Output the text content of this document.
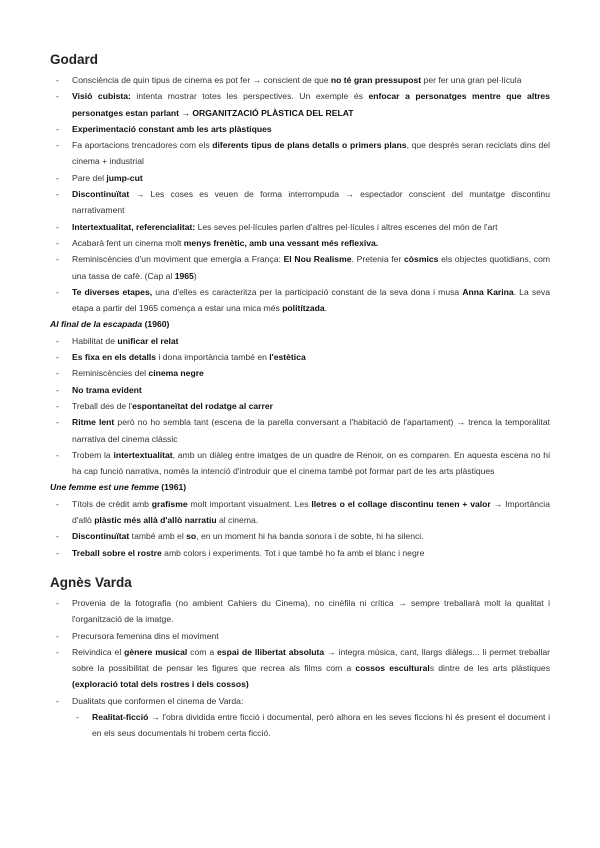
Godard
- Consciència de quin tipus de cinema es pot fer → conscient de que no té gran pressupost per fer una gran pel·lícula
- Visió cubista: intenta mostrar totes les perspectives. Un exemple és enfocar a personatges mentre que altres personatges estan parlant → ORGANITZACIÓ PLÀSTICA DEL RELAT
- Experimentació constant amb les arts plàstiques
- Fa aportacions trencadores com els diferents tipus de plans detalls o primers plans, que després seran reciclats dins del cinema + industrial
- Pare del jump-cut
- Discontinuïtat → Les coses es veuen de forma interrompuda → espectador conscient del muntatge discontinu narrativament
- Intertextualitat, referencialitat: Les seves pel·lícules parlen d'altres pel·lícules i altres escenes del món de l'art
- Acabarà fent un cinema molt menys frenètic, amb una vessant més reflexiva.
- Reminiscències d'un moviment que emergia a França: El Nou Realisme. Pretenia fer còsmics els objectes quotidians, com una tassa de cafè. (Cap al 1965)
- Te diverses etapes, una d'elles es caracteritza per la participació constant de la seva dona i musa Anna Karina. La seva etapa a partir del 1965 comença a estar una mica més politítzada.
Al final de la escapada (1960)
- Habilitat de unificar el relat
- Es fixa en els detalls i dona importància també en l'estètica
- Reminiscències del cinema negre
- No trama evident
- Treball des de l'espontaneïtat del rodatge al carrer
- Ritme lent però no ho sembla tant (escena de la parella conversant a l'habitació de l'apartament) → trenca la temporalitat narrativa del cinema clàssic
- Trobem la intertextualitat, amb un diàleg entre imatges de un quadre de Renoir, on es comparen. En aquesta escena no hi ha cap funció narrativa, només la intenció d'introduir que el cinema també pot formar part de les arts plàstiques
Une femme est une femme (1961)
- Títols de crèdit amb grafisme molt important visualment. Les lletres o el collage discontinu tenen + valor → Importància d'allò plàstic més allà d'allò narratiu al cinema.
- Discontinuïtat també amb el so, en un moment hi ha banda sonora i de sobte, hi ha silenci.
- Treball sobre el rostre amb colors i experiments. Tot i que també ho fa amb el blanc i negre
Agnès Varda
- Provenia de la fotografia (no ambient Cahiers du Cinema), no cinèfila ni crítica → sempre treballarà molt la qualitat i l'organització de la imatge.
- Precursora femenina dins el moviment
- Reivindica el gènere musical com a espai de llibertat absoluta → integra música, cant, llargs diàlegs... li permet treballar sobre la possibilitat de pensar les figures que recrea als films com a cossos esculturals dintre de les arts plàstiques (exploració total dels rostres i dels cossos)
- Dualitats que conformen el cinema de Varda:
- Realitat-ficció → l'obra dividida entre ficció i documental, però alhora en les seves ficcions hi és present el document i en els seus documentals hi trobem certa ficció.
